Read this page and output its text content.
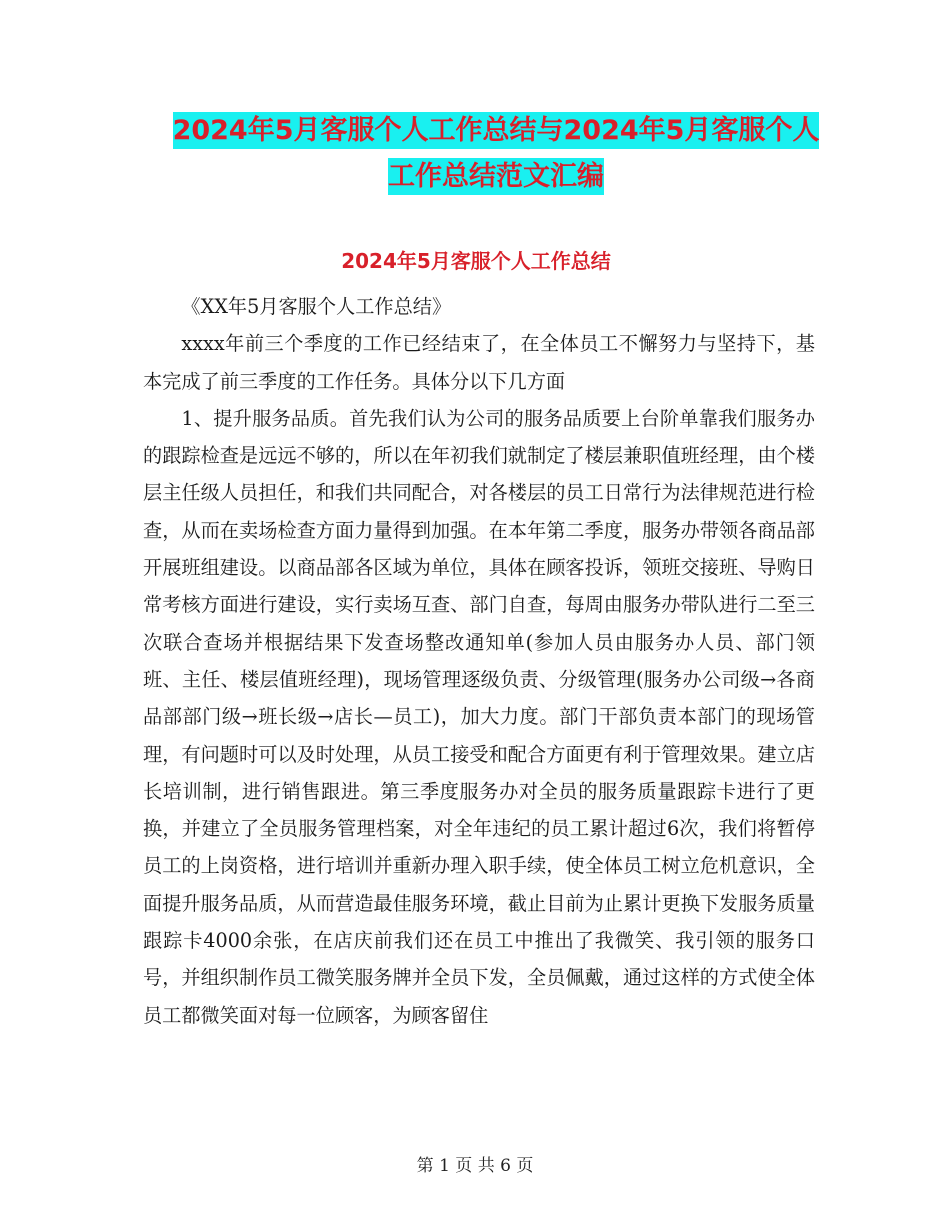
2024年5月客服个人工作总结与2024年5月客服个人
工作总结范文汇编
2024年5月客服个人工作总结

《XX年5月客服个人工作总结》

xxxx年前三个季度的工作已经结束了，在全体员工不懈努力与坚持下，基本完成了前三季度的工作任务。具体分以下几方面

1、提升服务品质。首先我们认为公司的服务品质要上台阶单靠我们服务办的跟踪检查是远远不够的，所以在年初我们就制定了楼层兼职值班经理，由个楼层主任级人员担任，和我们共同配合，对各楼层的员工日常行为法律规范进行检查，从而在卖场检查方面力量得到加强。在本年第二季度，服务办带领各商品部开展班组建设。以商品部各区域为单位，具体在顾客投诉，领班交接班、导购日常考核方面进行建设，实行卖场互查、部门自查，每周由服务办带队进行二至三次联合查场并根据结果下发查场整改通知单(参加人员由服务办人员、部门领班、主任、楼层值班经理)，现场管理逐级负责、分级管理(服务办公司级→各商品部部门级→班长级→店长—员工)，加大力度。部门干部负责本部门的现场管理，有问题时可以及时处理，从员工接受和配合方面更有利于管理效果。建立店长培训制，进行销售跟进。第三季度服务办对全员的服务质量跟踪卡进行了更换，并建立了全员服务管理档案，对全年违纪的员工累计超过6次，我们将暂停员工的上岗资格，进行培训并重新办理入职手续，使全体员工树立危机意识，全面提升服务品质，从而营造最佳服务环境，截止目前为止累计更换下发服务质量跟踪卡4000余张，在店庆前我们还在员工中推出了我微笑、我引领的服务口号，并组织制作员工微笑服务牌并全员下发，全员佩戴，通过这样的方式使全体员工都微笑面对每一位顾客，为顾客留住

第 1 页 共 6 页
